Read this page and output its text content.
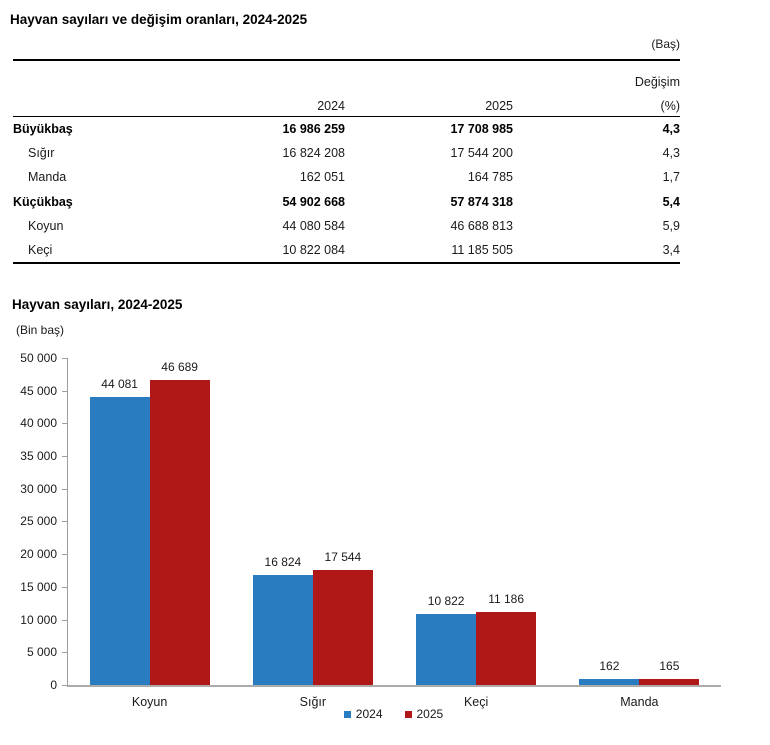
Hayvan sayıları ve değişim oranları, 2024-2025
(Baş)
Değişim
2024	2025	(%)
Büyükbaş	16 986 259	17 708 985	4,3
Sığır	16 824 208	17 544 200	4,3
Manda	162 051	164 785	1,7
Küçükbaş	54 902 668	57 874 318	5,4
Koyun	44 080 584	46 688 813	5,9
Keçi	10 822 084	11 185 505	3,4
Hayvan sayıları, 2024-2025
(Bin baş)
50 000
45 000
40 000
35 000
30 000
25 000
20 000
15 000
10 000
5 000
0
44 081
46 689
Koyun
16 824	17 544
Sığır
10 822	11 186
Keçi
162	165
Manda
2024	2025
